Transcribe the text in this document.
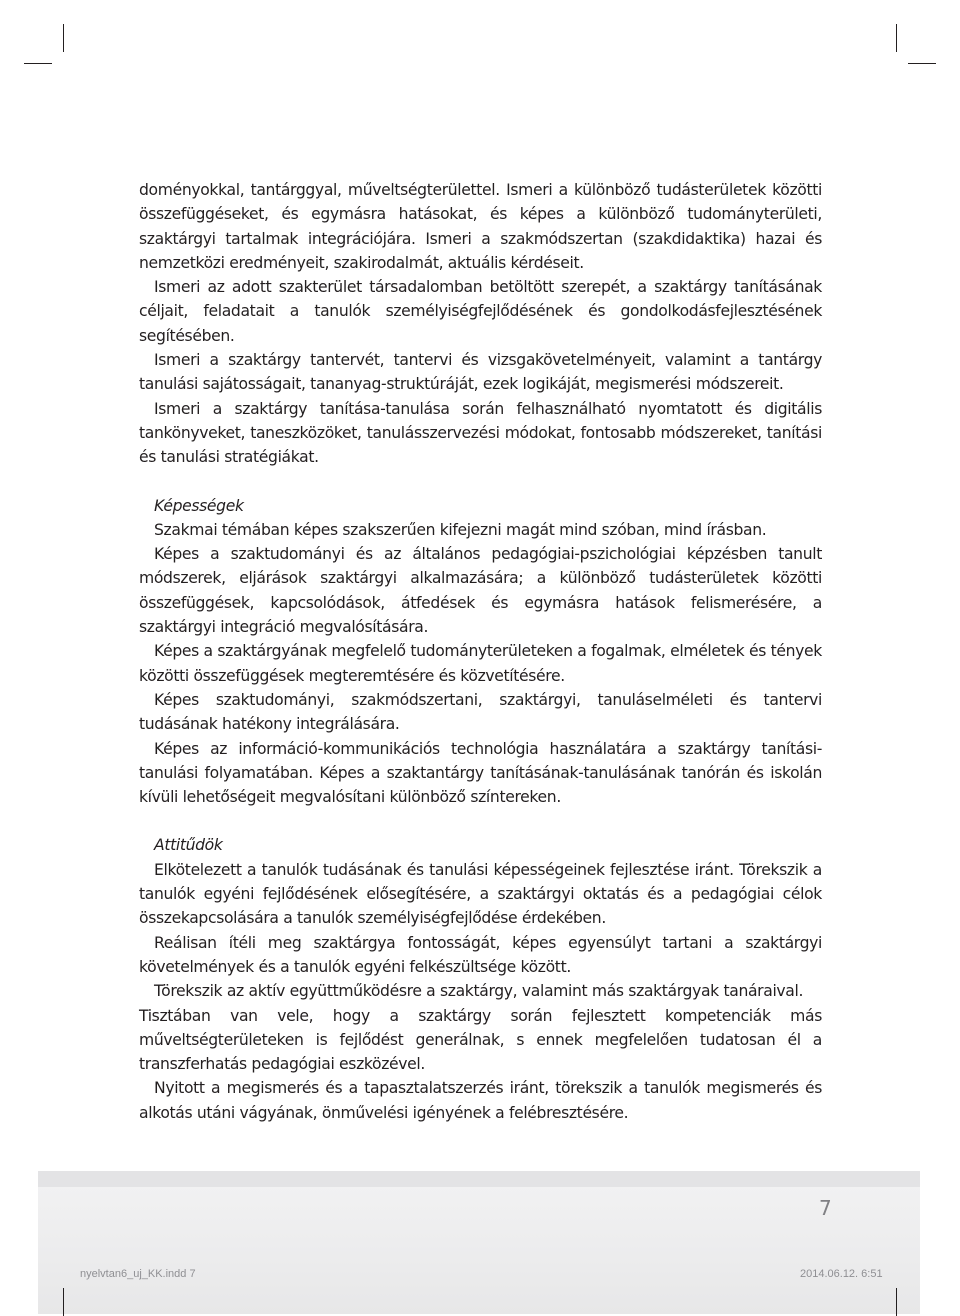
7
nyelvtan6_uj_KK.indd 7	2014.06.12. 6:51

doményokkal, tantárggyal, műveltségterülettel. Ismeri a különböző tudásterületek közötti összefüggéseket, és egymásra hatásokat, és képes a különböző tudományterületi, szaktárgyi tartalmak integrációjára. Ismeri a szakmódszertan (szakdidaktika) hazai és nemzetközi eredményeit, szakirodalmát, aktuális kérdéseit.

Ismeri az adott szakterület társadalomban betöltött szerepét, a szaktárgy tanításának céljait, feladatait a tanulók személyiségfejlődésének és gondolkodásfejlesztésének segítésében.

Ismeri a szaktárgy tantervét, tantervi és vizsgakövetelményeit, valamint a tantárgy tanulási sajátosságait, tananyag-struktúráját, ezek logikáját, megismerési módszereit.

Ismeri a szaktárgy tanítása-tanulása során felhasználható nyomtatott és digitális tankönyveket, taneszközöket, tanulásszervezési módokat, fontosabb módszereket, tanítási és tanulási stratégiákat.

Képességek

Szakmai témában képes szakszerűen kifejezni magát mind szóban, mind írásban.

Képes a szaktudományi és az általános pedagógiai-pszichológiai képzésben tanult módszerek, eljárások szaktárgyi alkalmazására; a különböző tudásterületek közötti összefüggések, kapcsolódások, átfedések és egymásra hatások felismerésére, a szaktárgyi integráció megvalósítására.

Képes a szaktárgyának megfelelő tudományterületeken a fogalmak, elméletek és tények közötti összefüggések megteremtésére és közvetítésére.

Képes szaktudományi, szakmódszertani, szaktárgyi, tanuláselméleti és tantervi tudásának hatékony integrálására.

Képes az információ-kommunikációs technológia használatára a szaktárgy tanítási-tanulási folyamatában. Képes a szaktantárgy tanításának-tanulásának tanórán és iskolán kívüli lehetőségeit megvalósítani különböző színtereken.

Attitűdök

Elkötelezett a tanulók tudásának és tanulási képességeinek fejlesztése iránt. Törekszik a tanulók egyéni fejlődésének elősegítésére, a szaktárgyi oktatás és a pedagógiai célok összekapcsolására a tanulók személyiségfejlődése érdekében.

Reálisan ítéli meg szaktárgya fontosságát, képes egyensúlyt tartani a szaktárgyi követelmények és a tanulók egyéni felkészültsége között.

Törekszik az aktív együttműködésre a szaktárgy, valamint más szaktárgyak tanáraival.

Tisztában van vele, hogy a szaktárgy során fejlesztett kompetenciák más műveltségterületeken is fejlődést generálnak, s ennek megfelelően tudatosan él a transzferhatás pedagógiai eszközével.

Nyitott a megismerés és a tapasztalatszerzés iránt, törekszik a tanulók megismerés és alkotás utáni vágyának, önművelési igényének a felébresztésére.
